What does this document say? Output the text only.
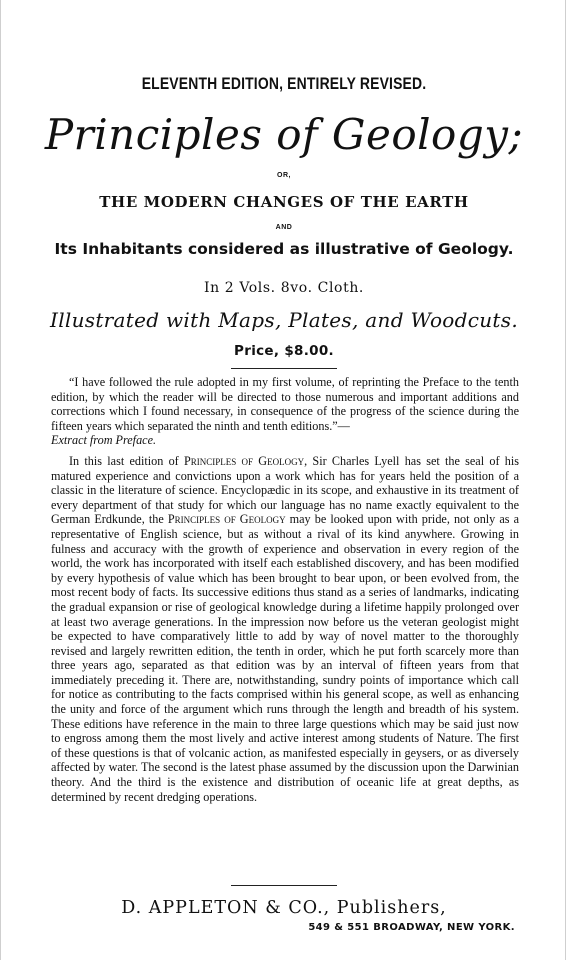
ELEVENTH EDITION, ENTIRELY REVISED.
Principles of Geology;
OR,
THE MODERN CHANGES OF THE EARTH
AND
Its Inhabitants considered as illustrative of Geology.
In 2 Vols. 8vo. Cloth.
Illustrated with Maps, Plates, and Woodcuts.
Price, $8.00.

“I have followed the rule adopted in my first volume, of reprinting the Preface to the tenth edition, by which the reader will be directed to those numerous and important additions and corrections which I found necessary, in consequence of the progress of the science during the fifteen years which separated the ninth and tenth editions.”—
Extract from Preface.

In this last edition of Principles of Geology, Sir Charles Lyell has set the seal of his matured experience and convictions upon a work which has for years held the position of a classic in the literature of science. Encyclopædic in its scope, and exhaustive in its treatment of every department of that study for which our language has no name exactly equivalent to the German Erdkunde, the Principles of Geology may be looked upon with pride, not only as a representative of English science, but as without a rival of its kind anywhere. Growing in fulness and accuracy with the growth of experience and observation in every region of the world, the work has incorporated with itself each established discovery, and has been modified by every hypothesis of value which has been brought to bear upon, or been evolved from, the most recent body of facts. Its successive editions thus stand as a series of landmarks, indicating the gradual expansion or rise of geological knowledge during a lifetime happily prolonged over at least two average generations. In the impression now before us the veteran geologist might be expected to have comparatively little to add by way of novel matter to the thoroughly revised and largely rewritten edition, the tenth in order, which he put forth scarcely more than three years ago, separated as that edition was by an interval of fifteen years from that immediately preceding it. There are, notwithstanding, sundry points of importance which call for notice as contributing to the facts comprised within his general scope, as well as enhancing the unity and force of the argument which runs through the length and breadth of his system. These editions have reference in the main to three large questions which may be said just now to engross among them the most lively and active interest among students of Nature. The first of these questions is that of volcanic action, as manifested especially in geysers, or as diversely affected by water. The second is the latest phase assumed by the discussion upon the Darwinian theory. And the third is the existence and distribution of oceanic life at great depths, as determined by recent dredging operations.

D. APPLETON & CO., Publishers,
549 & 551 BROADWAY, NEW YORK.
